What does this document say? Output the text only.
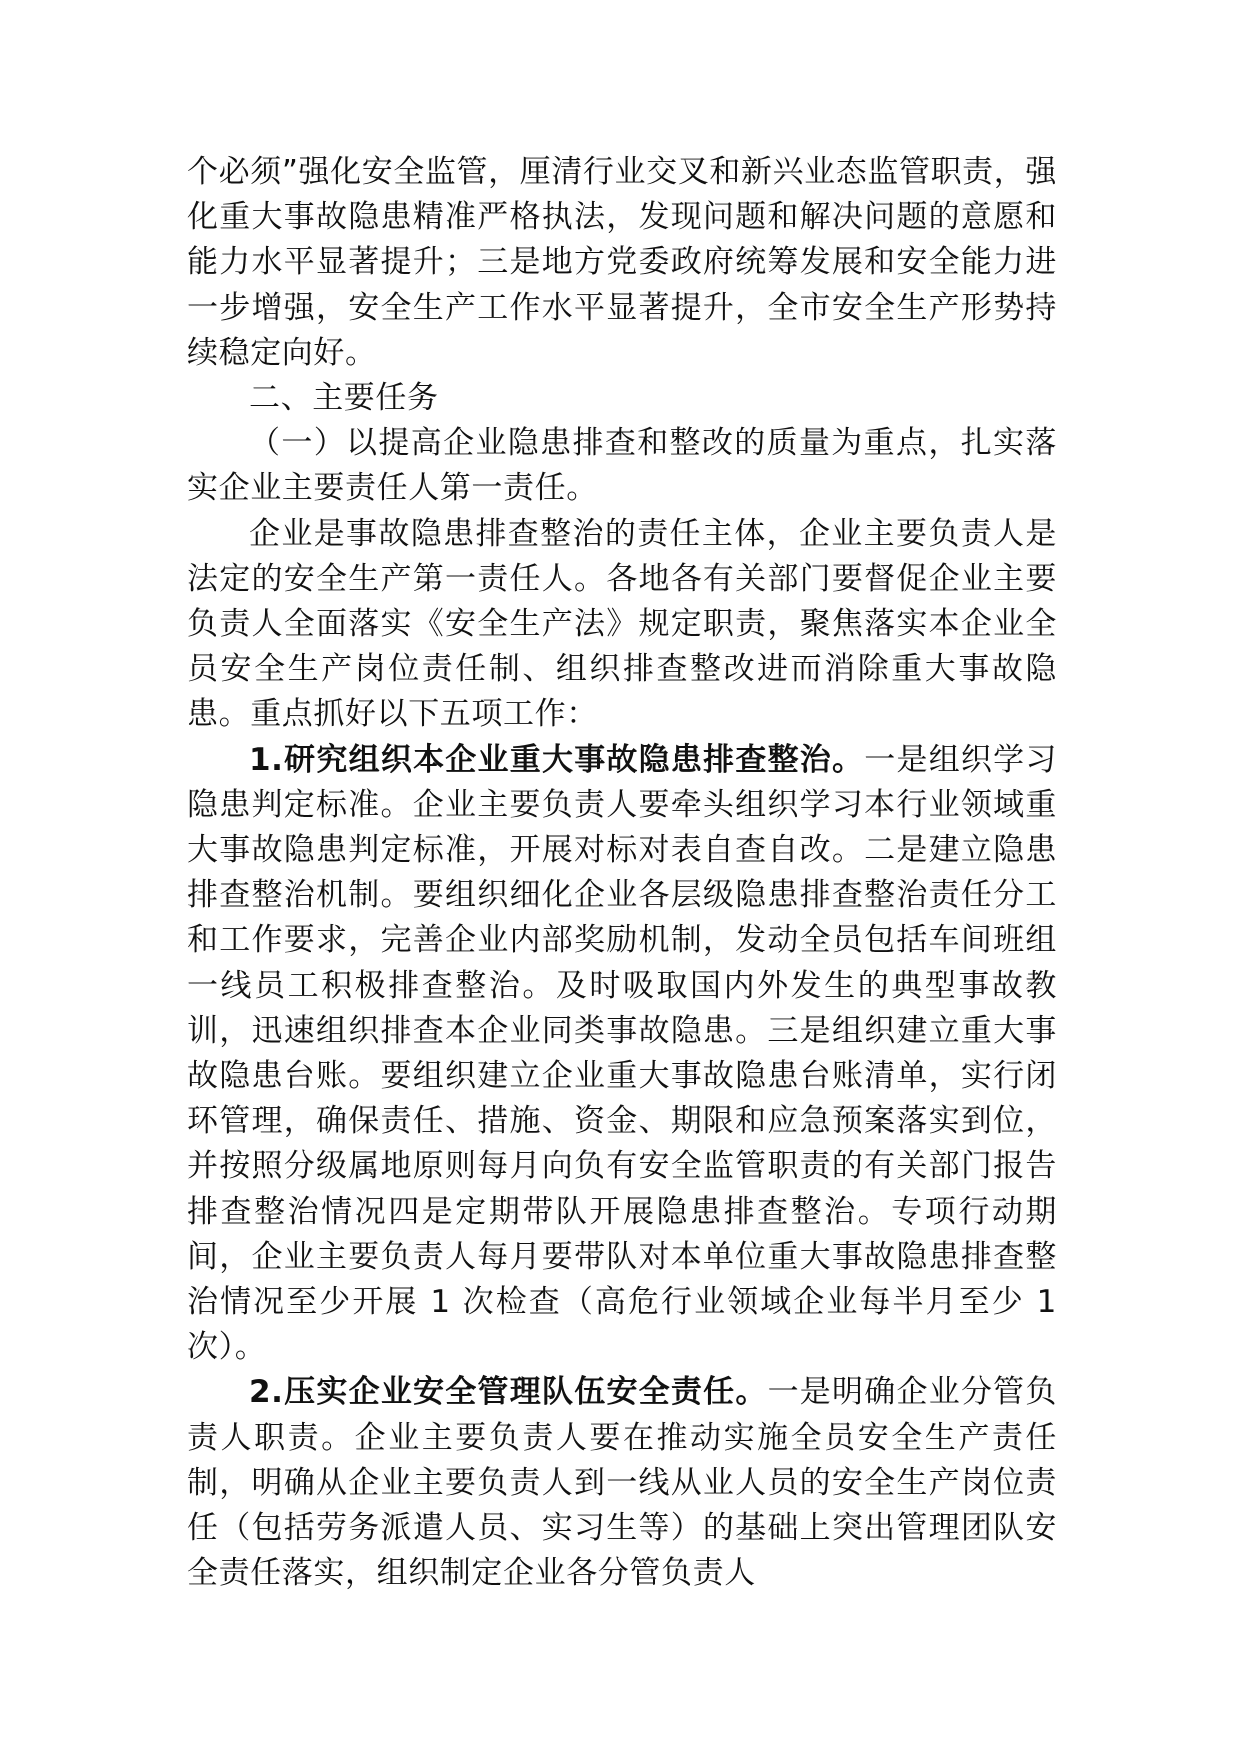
个必须”强化安全监管，厘清行业交叉和新兴业态监管职责，强化重大事故隐患精准严格执法，发现问题和解决问题的意愿和能力水平显著提升；三是地方党委政府统筹发展和安全能力进一步增强，安全生产工作水平显著提升，全市安全生产形势持续稳定向好。

二、主要任务

（一）以提高企业隐患排查和整改的质量为重点，扎实落实企业主要责任人第一责任。

企业是事故隐患排查整治的责任主体，企业主要负责人是法定的安全生产第一责任人。各地各有关部门要督促企业主要负责人全面落实《安全生产法》规定职责，聚焦落实本企业全员安全生产岗位责任制、组织排查整改进而消除重大事故隐患。重点抓好以下五项工作：

1.研究组织本企业重大事故隐患排查整治。一是组织学习隐患判定标准。企业主要负责人要牵头组织学习本行业领域重大事故隐患判定标准，开展对标对表自查自改。二是建立隐患排查整治机制。要组织细化企业各层级隐患排查整治责任分工和工作要求，完善企业内部奖励机制，发动全员包括车间班组一线员工积极排查整治。及时吸取国内外发生的典型事故教训，迅速组织排查本企业同类事故隐患。三是组织建立重大事故隐患台账。要组织建立企业重大事故隐患台账清单，实行闭环管理，确保责任、措施、资金、期限和应急预案落实到位，并按照分级属地原则每月向负有安全监管职责的有关部门报告排查整治情况四是定期带队开展隐患排查整治。专项行动期间，企业主要负责人每月要带队对本单位重大事故隐患排查整治情况至少开展 1 次检查（高危行业领域企业每半月至少 1 次）。

2.压实企业安全管理队伍安全责任。一是明确企业分管负责人职责。企业主要负责人要在推动实施全员安全生产责任制，明确从企业主要负责人到一线从业人员的安全生产岗位责任（包括劳务派遣人员、实习生等）的基础上突出管理团队安全责任落实，组织制定企业各分管负责人
